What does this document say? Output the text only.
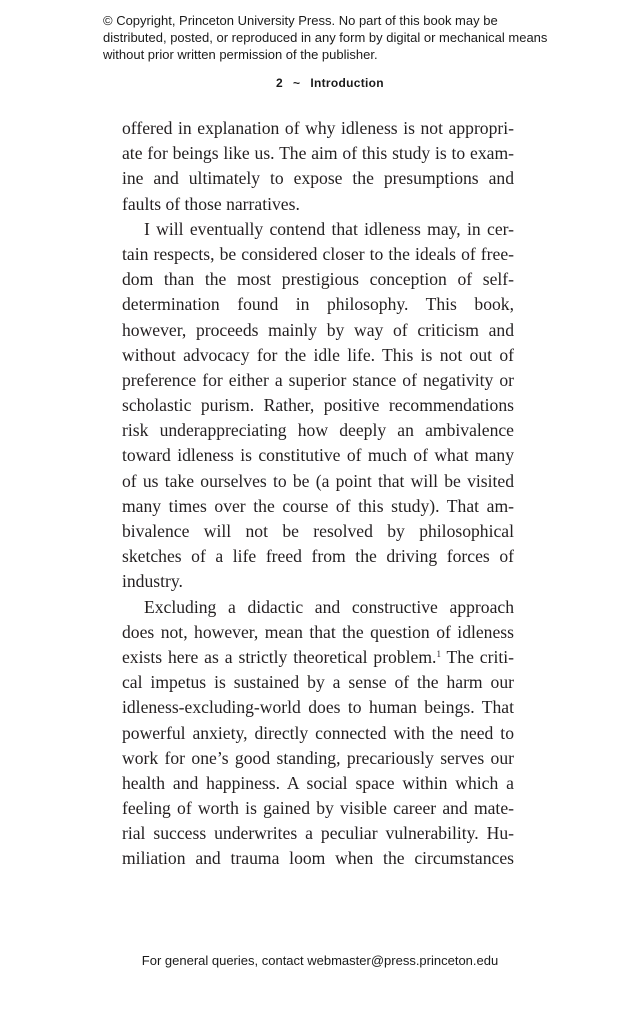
© Copyright, Princeton University Press. No part of this book may be distributed, posted, or reproduced in any form by digital or mechanical means without prior written permission of the publisher.
2 ~ Introduction
offered in explanation of why idleness is not appropri-
ate for beings like us. The aim of this study is to exam-
ine and ultimately to expose the presumptions and
faults of those narratives.
I will eventually contend that idleness may, in cer-
tain respects, be considered closer to the ideals of free-
dom than the most prestigious conception of self-
determination found in philosophy. This book,
however, proceeds mainly by way of criticism and
without advocacy for the idle life. This is not out of
preference for either a superior stance of negativity or
scholastic purism. Rather, positive recommendations
risk underappreciating how deeply an ambivalence
toward idleness is constitutive of much of what many
of us take ourselves to be (a point that will be visited
many times over the course of this study). That am-
bivalence will not be resolved by philosophical
sketches of a life freed from the driving forces of
industry.
Excluding a didactic and constructive approach
does not, however, mean that the question of idleness
exists here as a strictly theoretical problem.$^1$ The criti-
cal impetus is sustained by a sense of the harm our
idleness-excluding-world does to human beings. That
powerful anxiety, directly connected with the need to
work for one’s good standing, precariously serves our
health and happiness. A social space within which a
feeling of worth is gained by visible career and mate-
rial success underwrites a peculiar vulnerability. Hu-
miliation and trauma loom when the circumstances
For general queries, contact webmaster@press.princeton.edu
